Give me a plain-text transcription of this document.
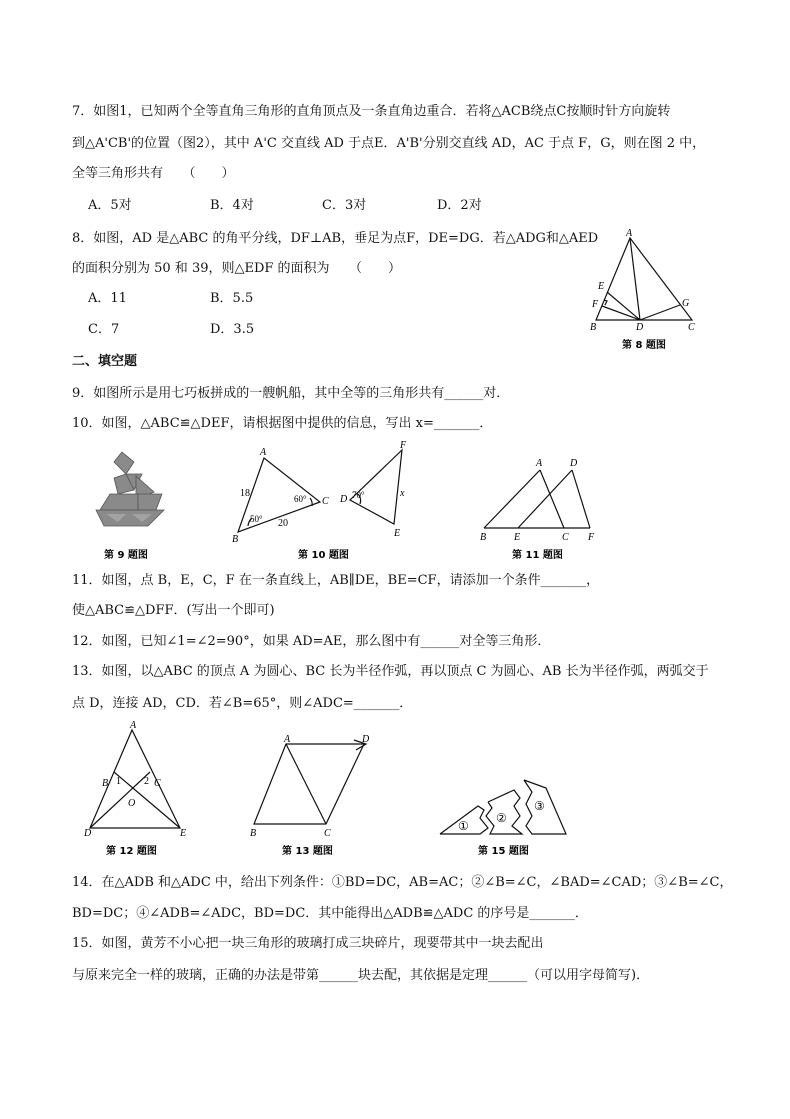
7．如图1，已知两个全等直角三角形的直角顶点及一条直角边重合．若将△ACB绕点C按顺时针方向旋转
到△A'CB'的位置（图2），其中 A'C 交直线 AD 于点E．A'B'分别交直线 AD，AC 于点 F，G，则在图 2 中，
全等三角形共有　　（　　）
A．5对	B．4对	C．3对	D．2对
8．如图，AD 是△ABC 的角平分线，DF⊥AB，垂足为点F，DE=DG．若△ADG和△AED
的面积分别为 50 和 39，则△EDF 的面积为　　（　　）
A．11	B．5.5
C．7	D．3.5
A
E
F	G
B	D	C
第 8 题图
二、填空题
9．如图所示是用七巧板拼成的一艘帆船，其中全等的三角形共有______对．
10．如图，△ABC≌△DEF，请根据图中提供的信息，写出 x=_______．
第 9 题图
A
B
C
F
D
E
18
20
50°
60°	70°	x
第 10 题图
A	D
B	E	C F
第 11 题图
11．如图，点 B，E，C，F 在一条直线上，AB∥DE，BE=CF，请添加一个条件_______，
使△ABC≌△DFF．(写出一个即可)
12．如图，已知∠1=∠2=90°，如果 AD=AE，那么图中有______对全等三角形．
13．如图，以△ABC 的顶点 A 为圆心、BC 长为半径作弧，再以顶点 C 为圆心、AB 长为半径作弧，两弧交于
点 D，连接 AD，CD．若∠B=65°，则∠ADC=_______．
A
B	C
O
D	E
1 2
第 12 题图
A	D
B	C
第 13 题图
①
②
③
第 15 题图
14．在△ADB 和△ADC 中，给出下列条件：①BD=DC，AB=AC；②∠B=∠C，∠BAD=∠CAD；③∠B=∠C，
BD=DC；④∠ADB=∠ADC，BD=DC．其中能得出△ADB≌△ADC 的序号是_______．
15．如图，黄芳不小心把一块三角形的玻璃打成三块碎片，现要带其中一块去配出
与原来完全一样的玻璃，正确的办法是带第______块去配，其依据是定理______（可以用字母简写)．
